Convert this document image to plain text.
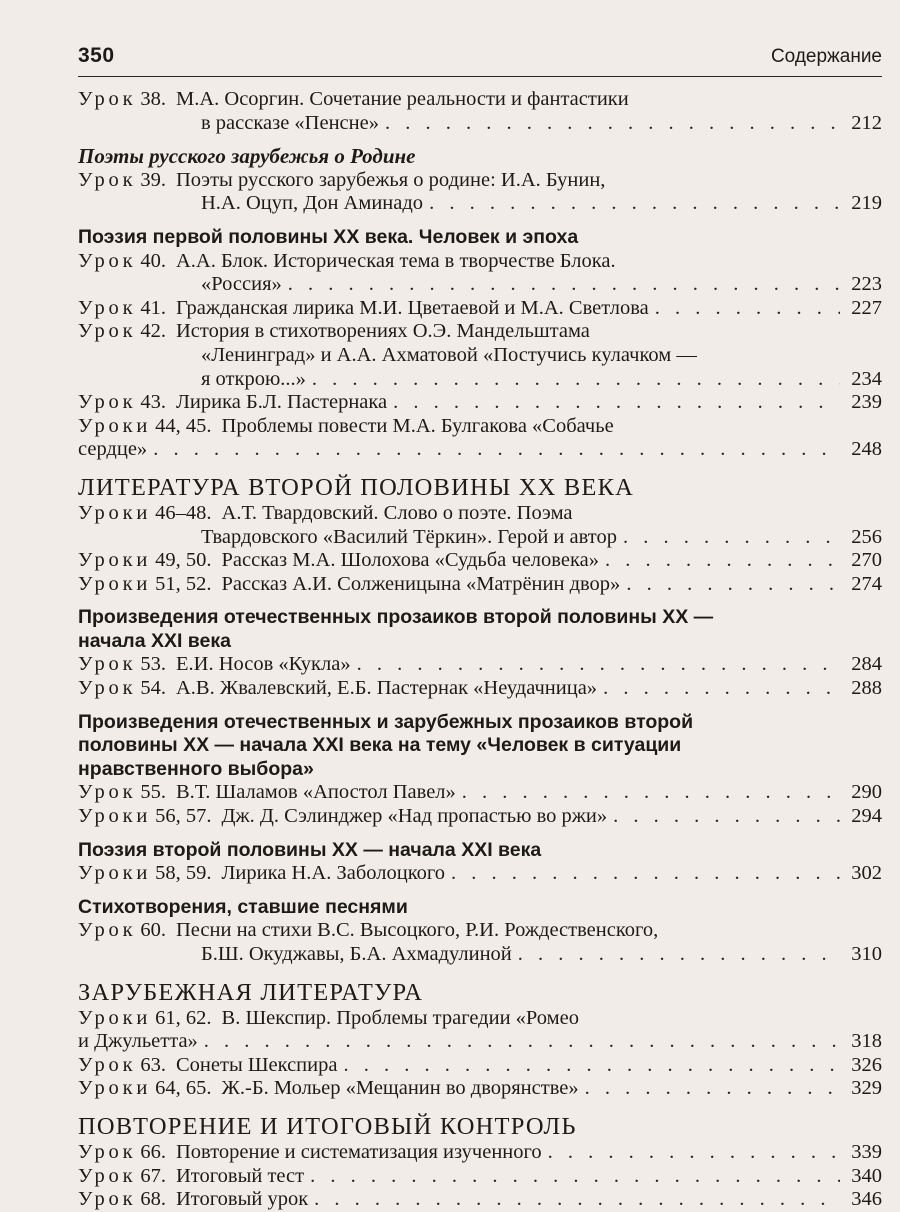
350	Содержание
Урок 38. М.А. Осоргин. Сочетание реальности и фантастики
в рассказе «Пенсне» . . .	212
Поэты русского зарубежья о Родине
Урок 39. Поэты русского зарубежья о родине: И.А. Бунин,
Н.А. Оцуп, Дон Аминадо . . .	219
Поэзия первой половины XX века. Человек и эпоха
Урок 40. А.А. Блок. Историческая тема в творчестве Блока.
«Россия» . . .	223
Урок 41. Гражданская лирика М.И. Цветаевой и М.А. Светлова . . .	227
Урок 42. История в стихотворениях О.Э. Мандельштама
«Ленинград» и А.А. Ахматовой «Постучись кулачком —
я открою...» . . .	234
Урок 43. Лирика Б.Л. Пастернака . . .	239
Уроки 44, 45. Проблемы повести М.А. Булгакова «Собачье
сердце» . . .	248
ЛИТЕРАТУРА ВТОРОЙ ПОЛОВИНЫ XX ВЕКА
Уроки 46–48. А.Т. Твардовский. Слово о поэте. Поэма
Твардовского «Василий Тёркин». Герой и автор . . .	256
Уроки 49, 50. Рассказ М.А. Шолохова «Судьба человека» . . .	270
Уроки 51, 52. Рассказ А.И. Солженицына «Матрёнин двор» . . .	274
Произведения отечественных прозаиков второй половины XX —
начала XXI века
Урок 53. Е.И. Носов «Кукла» . . .	284
Урок 54. А.В. Жвалевский, Е.Б. Пастернак «Неудачница» . . .	288
Произведения отечественных и зарубежных прозаиков второй
половины XX — начала XXI века на тему «Человек в ситуации
нравственного выбора»
Урок 55. В.Т. Шаламов «Апостол Павел» . . .	290
Уроки 56, 57. Дж. Д. Сэлинджер «Над пропастью во ржи» . . .	294
Поэзия второй половины XX — начала XXI века
Уроки 58, 59. Лирика Н.А. Заболоцкого . . .	302
Стихотворения, ставшие песнями
Урок 60. Песни на стихи В.С. Высоцкого, Р.И. Рождественского,
Б.Ш. Окуджавы, Б.А. Ахмадулиной . . .	310
ЗАРУБЕЖНАЯ ЛИТЕРАТУРА
Уроки 61, 62. В. Шекспир. Проблемы трагедии «Ромео
и Джульетта» . . .	318
Урок 63. Сонеты Шекспира . . .	326
Уроки 64, 65. Ж.-Б. Мольер «Мещанин во дворянстве» . . .	329
ПОВТОРЕНИЕ И ИТОГОВЫЙ КОНТРОЛЬ
Урок 66. Повторение и систематизация изученного . . .	339
Урок 67. Итоговый тест . . .	340
Урок 68. Итоговый урок . . .	346
